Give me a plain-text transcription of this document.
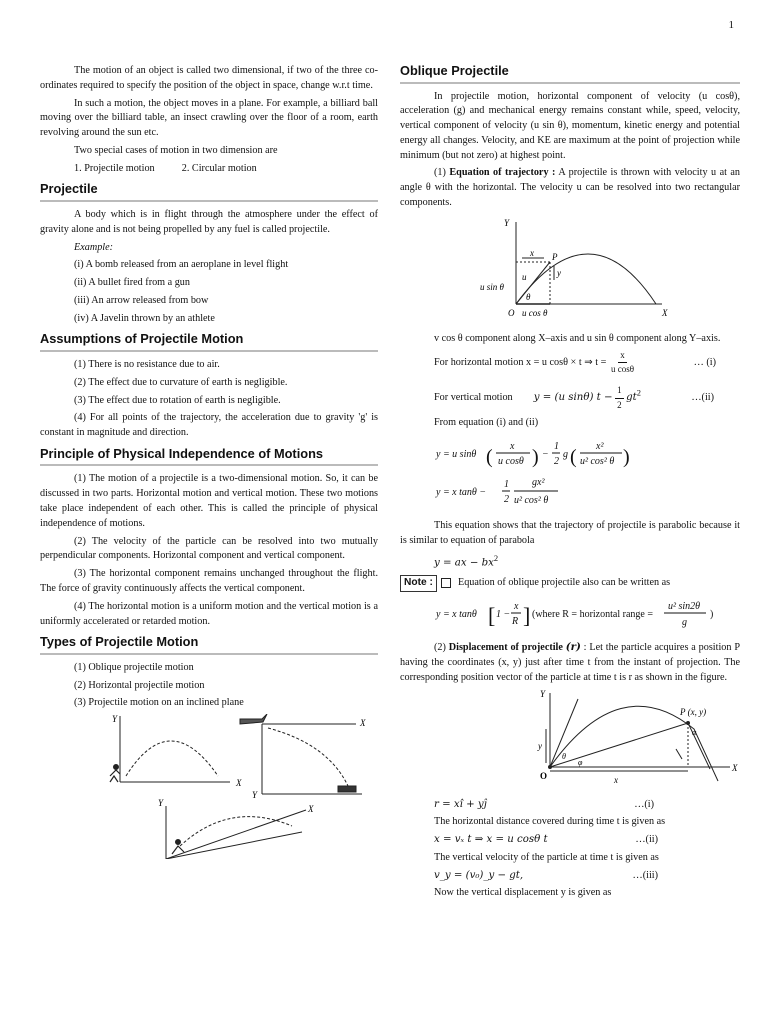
1

The motion of an object is called two dimensional, if two of the three co-ordinates required to specify the position of the object in space, change w.r.t time.

In such a motion, the object moves in a plane. For example, a billiard ball moving over the billiard table, an insect crawling over the floor of a room, earth revolving around the sun etc.

Two special cases of motion in two dimension are

1. Projectile motion	2. Circular motion

Projectile

A body which is in flight through the atmosphere under the effect of gravity alone and is not being propelled by any fuel is called projectile.

Example:

(i) A bomb released from an aeroplane in level flight

(ii) A bullet fired from a gun

(iii) An arrow released from bow

(iv) A Javelin thrown by an athlete

Assumptions of Projectile Motion

(1) There is no resistance due to air.

(2) The effect due to curvature of earth is negligible.

(3) The effect due to rotation of earth is negligible.

(4) For all points of the trajectory, the acceleration due to gravity 'g' is constant in magnitude and direction.

Principle of Physical Independence of Motions

(1) The motion of a projectile is a two-dimensional motion. So, it can be discussed in two parts. Horizontal motion and vertical motion. These two motions take place independent of each other. This is called the principle of physical independence of motions.

(2) The velocity of the particle can be resolved into two mutually perpendicular components. Horizontal component and vertical component.

(3) The horizontal component remains unchanged throughout the flight. The force of gravity continuously affects the vertical component.

(4) The horizontal motion is a uniform motion and the vertical motion is a uniformly accelerated or retarded motion.

Types of Projectile Motion

(1) Oblique projectile motion

(2) Horizontal projectile motion

(3) Projectile motion on an inclined plane

Y
X
X
Y
Y
X
Oblique Projectile

In projectile motion, horizontal component of velocity (u cosθ), acceleration (g) and mechanical energy remains constant while, speed, velocity, vertical component of velocity (u sin θ), momentum, kinetic energy and potential energy all changes. Velocity, and KE are maximum at the point of projection while minimum (but not zero) at highest point.

(1) Equation of trajectory : A projectile is thrown with velocity u at an angle θ with the horizontal. The velocity u can be resolved into two rectangular components.

Y
X
O
x P
y
u
θ
u sin θ
u cos θ

v cos θ component along X–axis and u sin θ component along Y–axis.

For horizontal motion x = u cosθ × t ⇒ $t = \frac{x}{\text{u cosθ}}$	… (i)
For vertical motion y = (u sinθ) $t - \frac{1}{2} gt^2$	…(ii)

From equation (i) and (ii)

y = u sinθ ( x
u cosθ ) −
1
2
g ( x²
u² cos² θ )
y = x tanθ −
1
2
gx²
u² cos² θ

This equation shows that the trajectory of projectile is parabolic because it is similar to equation of parabola

y = ax − $bx^2$

Note : Equation of oblique projectile also can be written as

y = x tanθ [ 1 −
x
R ] (where R = horizontal range =
u² sin2θ
g
)

(2) Displacement of projectile (r) : Let the particle acquires a position P having the coordinates (x, y) just after time t from the instant of projection. The corresponding position vector of the particle at time t is r as shown in the figure.

Y
X
O
P (x, y)
x
y
α
φ
θ
r = xî + yĵ	…(i)

The horizontal distance covered during time t is given as

x = vₓ t ⇒ x = u cosθ t	…(ii)

The vertical velocity of the particle at time t is given as

v_y = (v₀)_y − gt,	…(iii)

Now the vertical displacement y is given as
